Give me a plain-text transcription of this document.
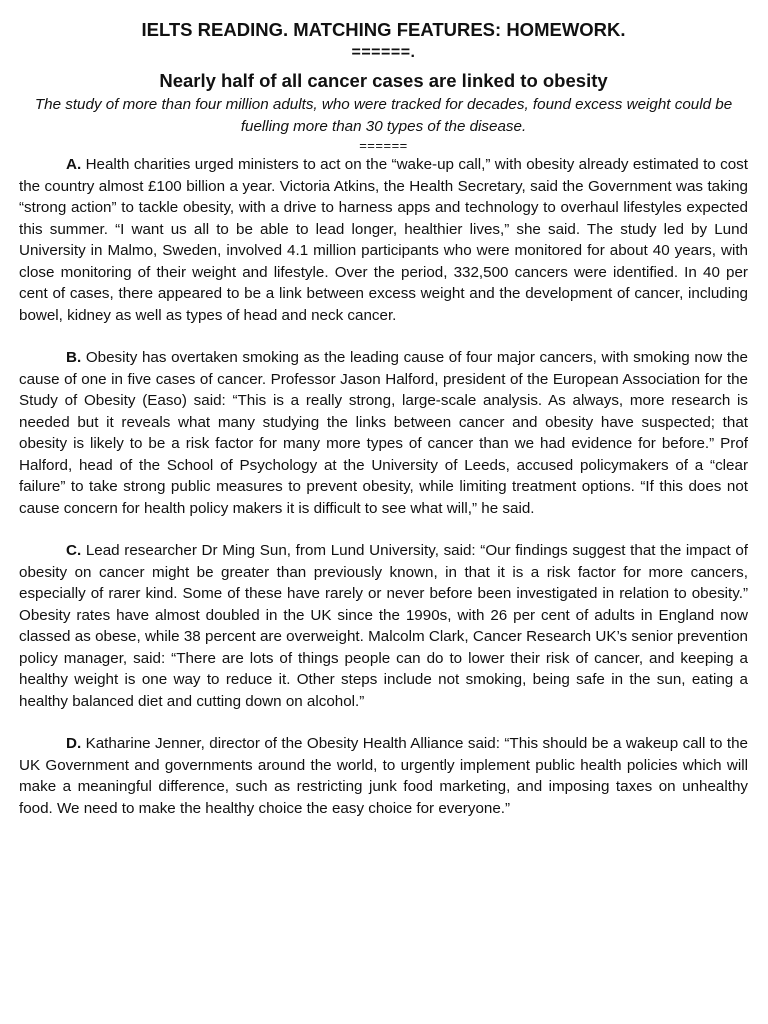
IELTS READING. MATCHING FEATURES: HOMEWORK.
======.
Nearly half of all cancer cases are linked to obesity
The study of more than four million adults, who were tracked for decades, found excess weight could be fuelling more than 30 types of the disease.
======

A. Health charities urged ministers to act on the “wake-up call,” with obesity already estimated to cost the country almost £100 billion a year. Victoria Atkins, the Health Secretary, said the Government was taking “strong action” to tackle obesity, with a drive to harness apps and technology to overhaul lifestyles expected this summer. “I want us all to be able to lead longer, healthier lives,” she said. The study led by Lund University in Malmo, Sweden, involved 4.1 million participants who were monitored for about 40 years, with close monitoring of their weight and lifestyle. Over the period, 332,500 cancers were identified. In 40 per cent of cases, there appeared to be a link between excess weight and the development of cancer, including bowel, kidney as well as types of head and neck cancer.

B. Obesity has overtaken smoking as the leading cause of four major cancers, with smoking now the cause of one in five cases of cancer. Professor Jason Halford, president of the European Association for the Study of Obesity (Easo) said: “This is a really strong, large-scale analysis. As always, more research is needed but it reveals what many studying the links between cancer and obesity have suspected; that obesity is likely to be a risk factor for many more types of cancer than we had evidence for before.” Prof Halford, head of the School of Psychology at the University of Leeds, accused policymakers of a “clear failure” to take strong public measures to prevent obesity, while limiting treatment options. “If this does not cause concern for health policy makers it is difficult to see what will,” he said.

C. Lead researcher Dr Ming Sun, from Lund University, said: “Our findings suggest that the impact of obesity on cancer might be greater than previously known, in that it is a risk factor for more cancers, especially of rarer kind. Some of these have rarely or never before been investigated in relation to obesity.” Obesity rates have almost doubled in the UK since the 1990s, with 26 per cent of adults in England now classed as obese, while 38 percent are overweight. Malcolm Clark, Cancer Research UK’s senior prevention policy manager, said: “There are lots of things people can do to lower their risk of cancer, and keeping a healthy weight is one way to reduce it. Other steps include not smoking, being safe in the sun, eating a healthy balanced diet and cutting down on alcohol.”

D. Katharine Jenner, director of the Obesity Health Alliance said: “This should be a wakeup call to the UK Government and governments around the world, to urgently implement public health policies which will make a meaningful difference, such as restricting junk food marketing, and imposing taxes on unhealthy food. We need to make the healthy choice the easy choice for everyone.”
